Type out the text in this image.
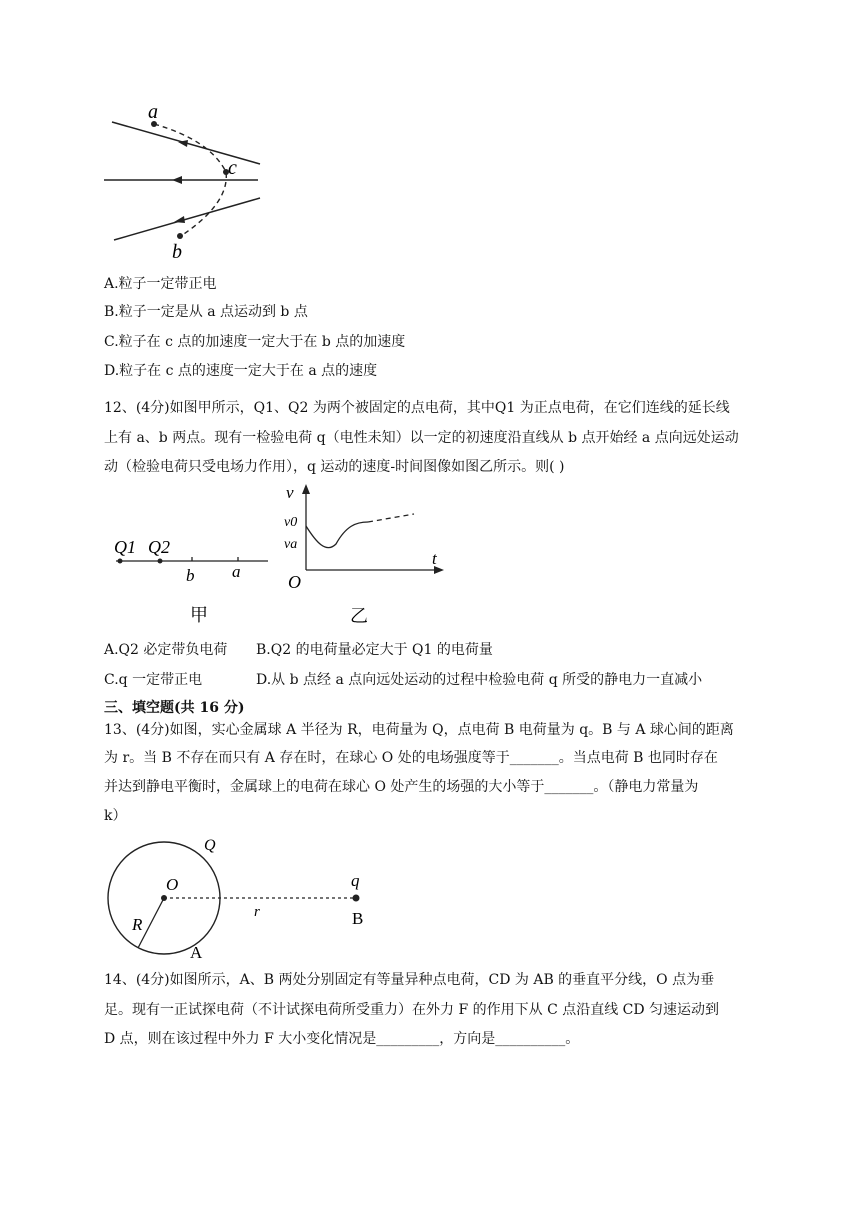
a
c
b
A.粒子一定带正电
B.粒子一定是从 a 点运动到 b 点
C.粒子在 c 点的加速度一定大于在 b 点的加速度
D.粒子在 c 点的速度一定大于在 a 点的速度
12、(4分)如图甲所示，Q1、Q2 为两个被固定的点电荷，其中Q1 为正点电荷，在它们连线的延长线
上有 a、b 两点。现有一检验电荷 q（电性未知）以一定的初速度沿直线从 b 点开始经 a 点向远处运动
动（检验电荷只受电场力作用），q 运动的速度-时间图像如图乙所示。则( )
Q1 Q2
b a
甲
v
v0
va
t
O
乙
A.Q2 必定带负电荷 B.Q2 的电荷量必定大于 Q1 的电荷量
C.q 一定带正电	D.从 b 点经 a 点向远处运动的过程中检验电荷 q 所受的静电力一直减小
三、填空题(共 16 分)
13、(4分)如图，实心金属球 A 半径为 R，电荷量为 Q，点电荷 B 电荷量为 q。B 与 A 球心间的距离
为 r。当 B 不存在而只有 A 存在时，在球心 O 处的电场强度等于_______。当点电荷 B 也同时存在
并达到静电平衡时，金属球上的电荷在球心 O 处产生的场强的大小等于_______。（静电力常量为
k）
Q
O	q
R
r
A
B
14、(4分)如图所示，A、B 两处分别固定有等量异种点电荷，CD 为 AB 的垂直平分线，O 点为垂
足。现有一正试探电荷（不计试探电荷所受重力）在外力 F 的作用下从 C 点沿直线 CD 匀速运动到
D 点，则在该过程中外力 F 大小变化情况是_________，方向是__________。
